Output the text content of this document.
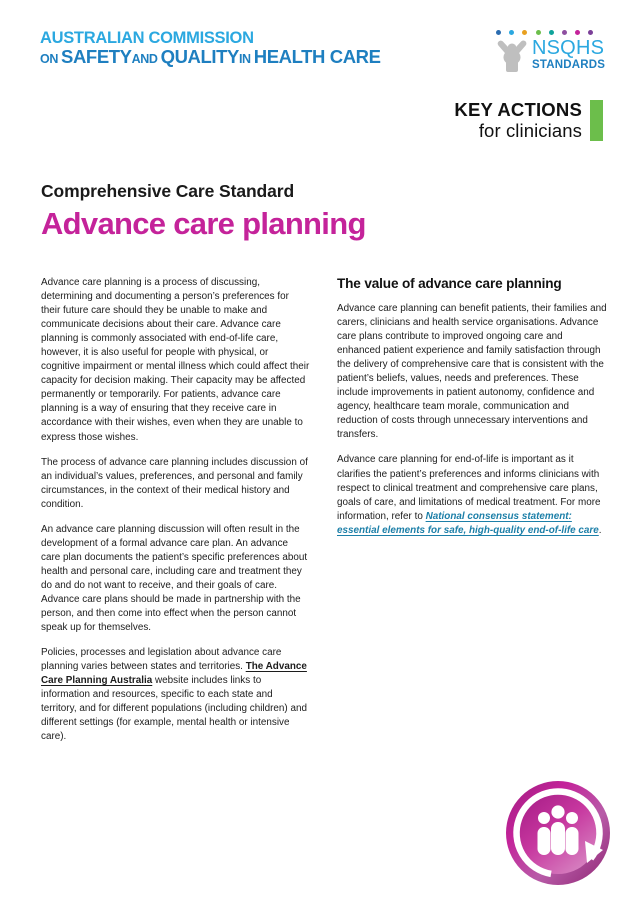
AUSTRALIAN COMMISSION
ON SAFETYAND QUALITYIN HEALTH CARE	NSQHS
STANDARDS
KEY ACTIONS
for clinicians
Comprehensive Care Standard
Advance care planning

Advance care planning is a process of discussing, determining and documenting a person’s preferences for their future care should they be unable to make and communicate decisions about their care. Advance care planning is commonly associated with end-of-life care, however, it is also useful for people with physical, or cognitive impairment or mental illness which could affect their capacity for decision making. Their capacity may be affected permanently or temporarily. For patients, advance care planning is a way of ensuring that they receive care in accordance with their wishes, even when they are unable to express those wishes.

The process of advance care planning includes discussion of an individual’s values, preferences, and personal and family circumstances, in the context of their medical history and condition.

An advance care planning discussion will often result in the development of a formal advance care plan. An advance care plan documents the patient’s specific preferences about health and personal care, including care and treatment they do and do not want to receive, and their goals of care. Advance care plans should be made in partnership with the person, and then come into effect when the person cannot speak up for themselves.

Policies, processes and legislation about advance care planning varies between states and territories. The Advance Care Planning Australia website includes links to information and resources, specific to each state and territory, and for different populations (including children) and different settings (for example, mental health or intensive care).

The value of advance care planning

Advance care planning can benefit patients, their families and carers, clinicians and health service organisations. Advance care plans contribute to improved ongoing care and enhanced patient experience and family satisfaction through the delivery of comprehensive care that is consistent with the patient’s beliefs, values, needs and preferences. These include improvements in patient autonomy, confidence and agency, healthcare team morale, communication and reduction of costs through unnecessary interventions and transfers.

Advance care planning for end-of-life is important as it clarifies the patient’s preferences and informs clinicians with respect to clinical treatment and comprehensive care plans, goals of care, and limitations of medical treatment. For more information, refer to National consensus statement: essential elements for safe, high-quality end-of-life care.
